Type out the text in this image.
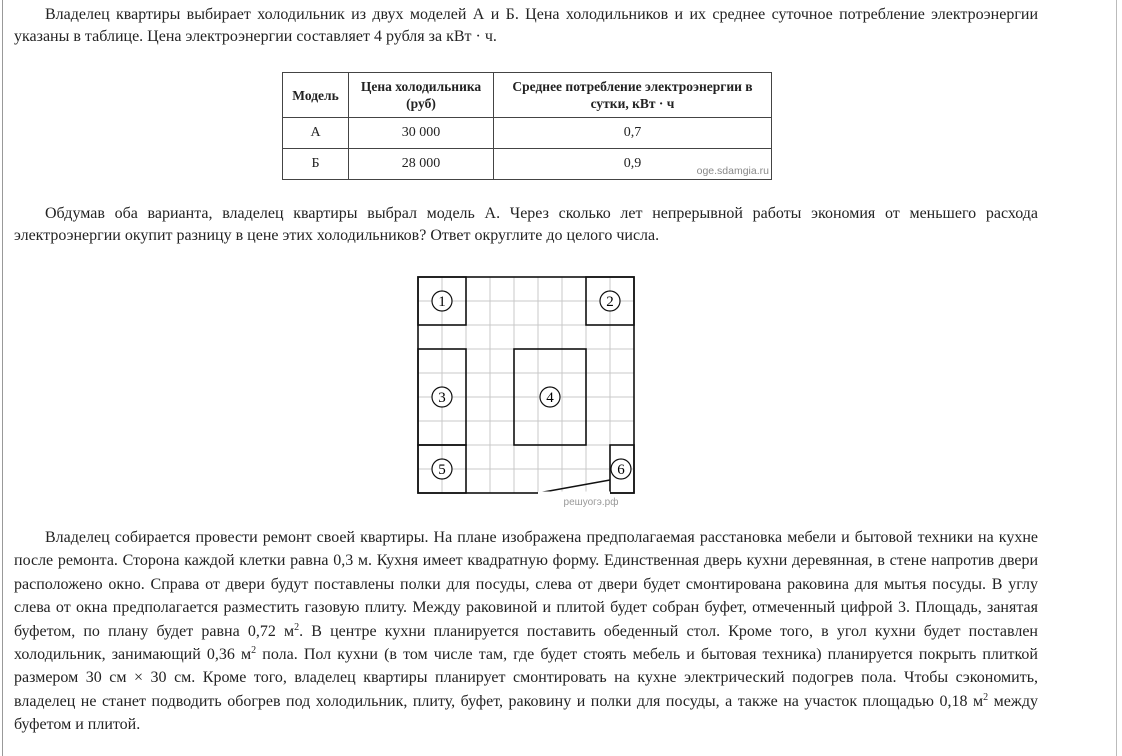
Владелец квартиры выбирает холодильник из двух моделей А и Б. Цена холодильников и их среднее суточное потребление электроэнергии указаны в таблице. Цена электроэнергии составляет 4 рубля за кВт · ч.

Модель	Цена холодильника (руб)	Среднее потребление электроэнергии в сутки, кВт · ч
А	30 000	0,7
Б	28 000	0,9 oge.sdamgia.ru

Обдумав оба варианта, владелец квартиры выбрал модель А. Через сколько лет непрерывной работы экономия от меньшего расхода электроэнергии окупит разницу в цене этих холодильников? Ответ округлите до целого числа.

1	2
3	4
5	6
решуогэ.рф

Владелец собирается провести ремонт своей квартиры. На плане изображена предполагаемая расстановка мебели и бытовой техники на кухне после ремонта. Сторона каждой клетки равна 0,3 м. Кухня имеет квадратную форму. Единственная дверь кухни деревянная, в стене напротив двери расположено окно. Справа от двери будут поставлены полки для посуды, слева от двери будет смонтирована раковина для мытья посуды. В углу слева от окна предполагается разместить газовую плиту. Между раковиной и плитой будет собран буфет, отмеченный цифрой 3. Площадь, занятая буфетом, по плану будет равна 0,72 $м^2$. В центре кухни планируется поставить обеденный стол. Кроме того, в угол кухни будет поставлен холодильник, занимающий 0,36 $м^2$ пола. Пол кухни (в том числе там, где будет стоять мебель и бытовая техника) планируется покрыть плиткой размером 30 см × 30 см. Кроме того, владелец квартиры планирует смонтировать на кухне электрический подогрев пола. Чтобы сэкономить, владелец не станет подводить обогрев под холодильник, плиту, буфет, раковину и полки для посуды, а также на участок площадью 0,18 $м^2$ между буфетом и плитой.
